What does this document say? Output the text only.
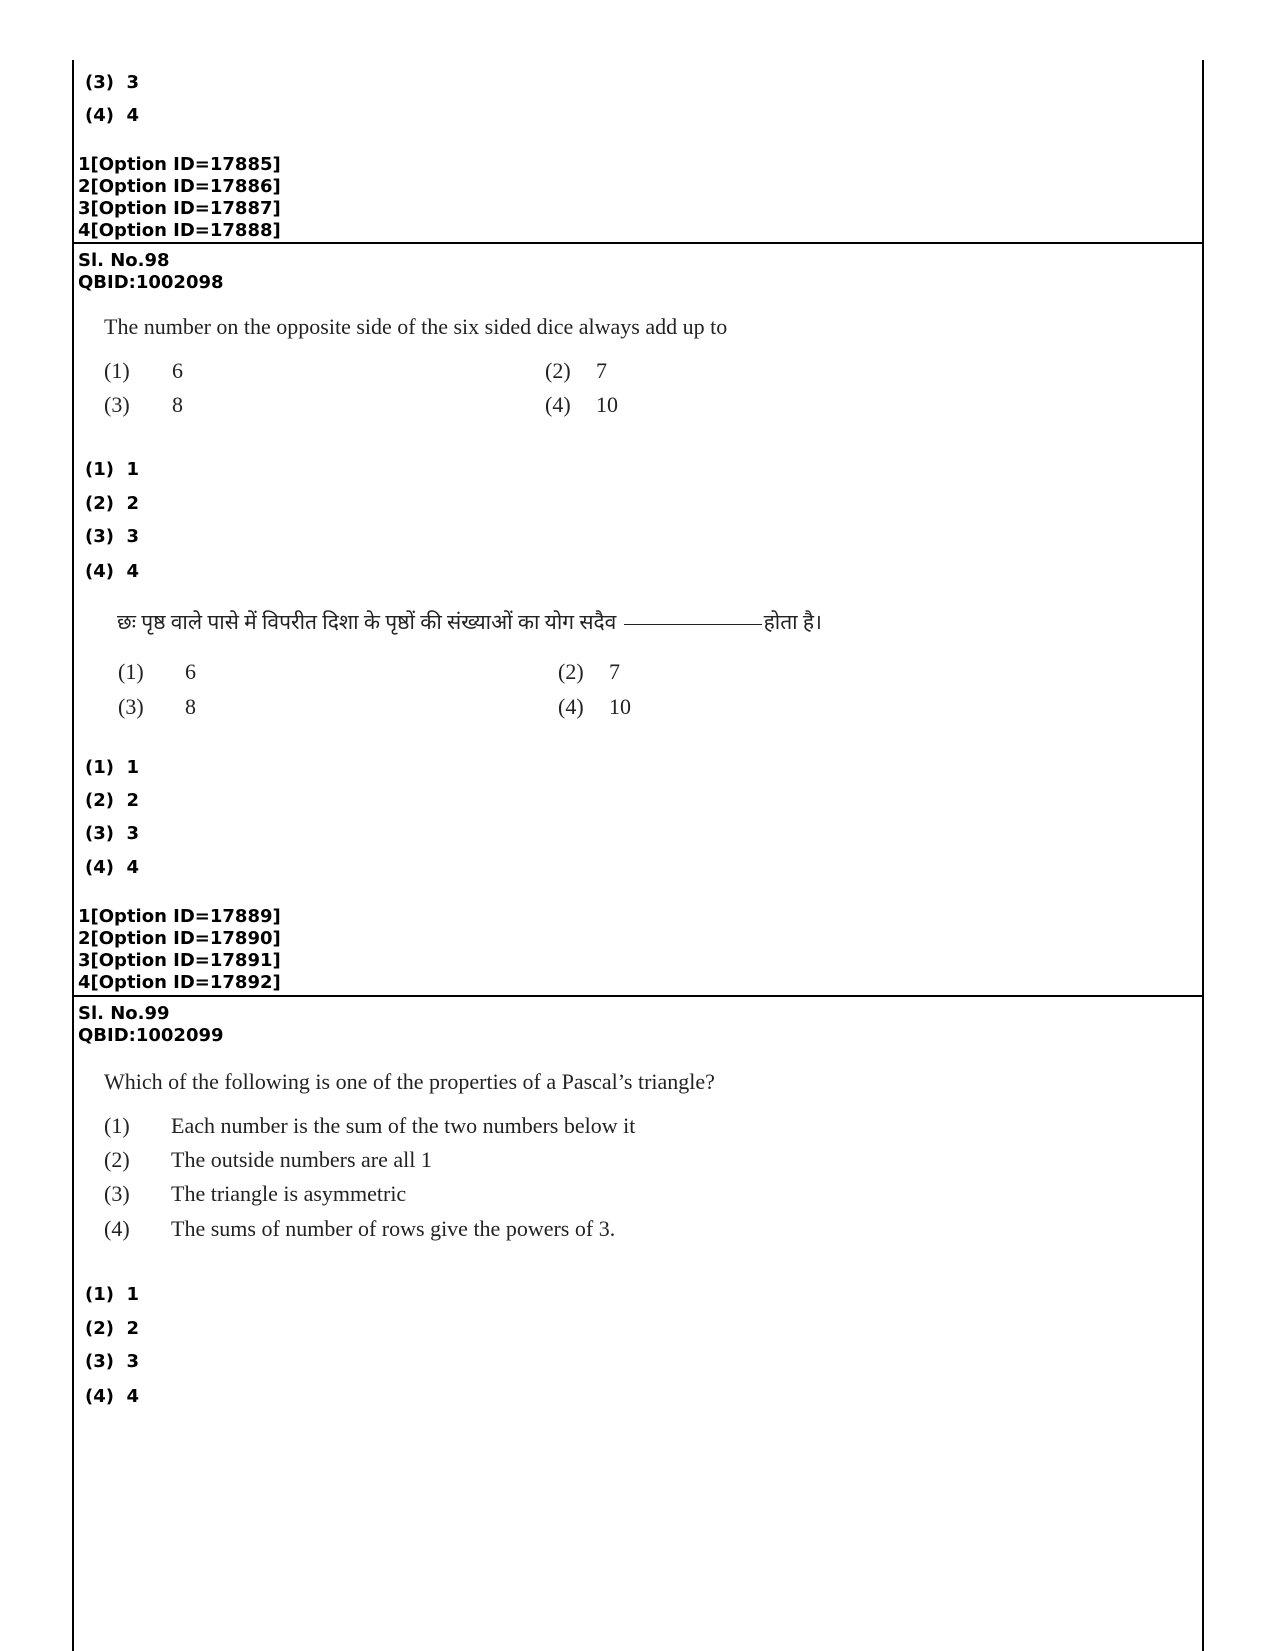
(3) 3
(4) 4
1[Option ID=17885]
2[Option ID=17886]
3[Option ID=17887]
4[Option ID=17888]
Sl. No.98
QBID:1002098
The number on the opposite side of the six sided dice always add up to
(1) 6	(2) 7
(3) 8	(4) 10
(1) 1
(2) 2
(3) 3
(4) 4
छः पृष्ठ वाले पासे में विपरीत दिशा के पृष्ठों की संख्याओं का योग सदैव	होता है।
(1) 6	(2) 7
(3) 8	(4) 10
(1) 1
(2) 2
(3) 3
(4) 4
1[Option ID=17889]
2[Option ID=17890]
3[Option ID=17891]
4[Option ID=17892]
Sl. No.99
QBID:1002099
Which of the following is one of the properties of a Pascal’s triangle?
(1) Each number is the sum of the two numbers below it
(2) The outside numbers are all 1
(3) The triangle is asymmetric
(4) The sums of number of rows give the powers of 3.
(1) 1
(2) 2
(3) 3
(4) 4
